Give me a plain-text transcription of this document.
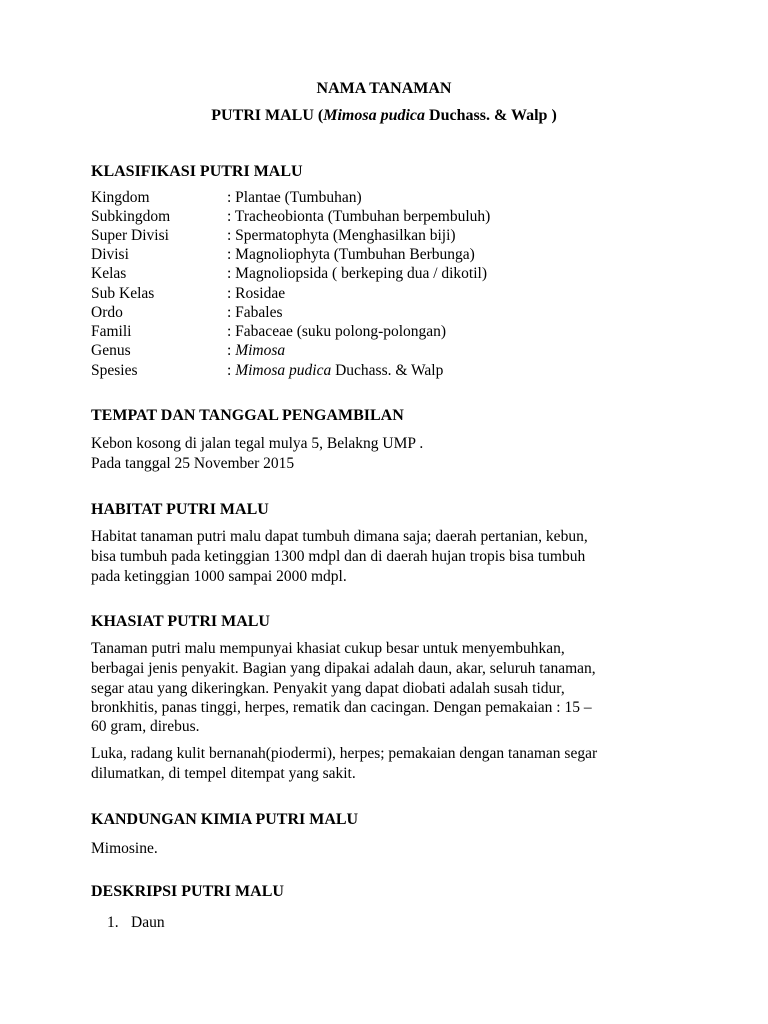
NAMA TANAMAN
PUTRI MALU (Mimosa pudica Duchass. & Walp )
KLASIFIKASI PUTRI MALU
Kingdom	: Plantae (Tumbuhan)
Subkingdom	: Tracheobionta (Tumbuhan berpembuluh)
Super Divisi	: Spermatophyta (Menghasilkan biji)
Divisi	: Magnoliophyta (Tumbuhan Berbunga)
Kelas	: Magnoliopsida ( berkeping dua / dikotil)
Sub Kelas	: Rosidae
Ordo	: Fabales
Famili	: Fabaceae (suku polong-polongan)
Genus	: Mimosa
Spesies	: Mimosa pudica Duchass. & Walp
TEMPAT DAN TANGGAL PENGAMBILAN
Kebon kosong di jalan tegal mulya 5, Belakng UMP .
Pada tanggal 25 November 2015
HABITAT PUTRI MALU
Habitat tanaman putri malu dapat tumbuh dimana saja; daerah pertanian, kebun,
bisa tumbuh pada ketinggian 1300 mdpl dan di daerah hujan tropis bisa tumbuh
pada ketinggian 1000 sampai 2000 mdpl.
KHASIAT PUTRI MALU
Tanaman putri malu mempunyai khasiat cukup besar untuk menyembuhkan,
berbagai jenis penyakit. Bagian yang dipakai adalah daun, akar, seluruh tanaman,
segar atau yang dikeringkan. Penyakit yang dapat diobati adalah susah tidur,
bronkhitis, panas tinggi, herpes, rematik dan cacingan. Dengan pemakaian : 15 –
60 gram, direbus.
Luka, radang kulit bernanah(piodermi), herpes; pemakaian dengan tanaman segar
dilumatkan, di tempel ditempat yang sakit.
KANDUNGAN KIMIA PUTRI MALU
Mimosine.
DESKRIPSI PUTRI MALU
1. Daun
